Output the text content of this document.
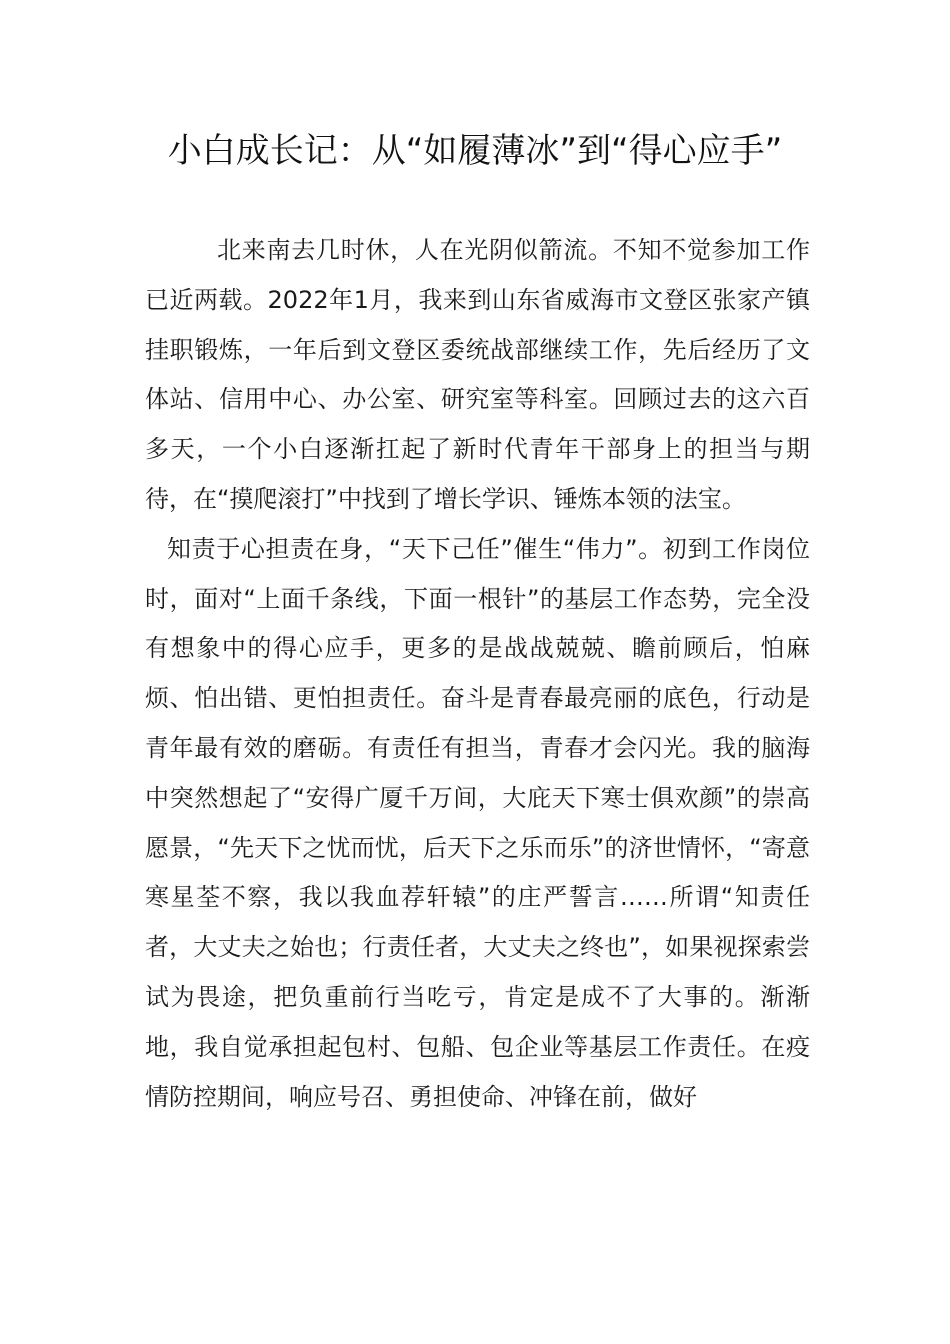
小白成长记：从“如履薄冰”到“得心应手”

北来南去几时休，人在光阴似箭流。不知不觉参加工作已近两载。2022年1月，我来到山东省威海市文登区张家产镇挂职锻炼，一年后到文登区委统战部继续工作，先后经历了文体站、信用中心、办公室、研究室等科室。回顾过去的这六百多天，一个小白逐渐扛起了新时代青年干部身上的担当与期待，在“摸爬滚打”中找到了增长学识、锤炼本领的法宝。

知责于心担责在身，“天下己任”催生“伟力”。初到工作岗位时，面对“上面千条线，下面一根针”的基层工作态势，完全没有想象中的得心应手，更多的是战战兢兢、瞻前顾后，怕麻烦、怕出错、更怕担责任。奋斗是青春最亮丽的底色，行动是青年最有效的磨砺。有责任有担当，青春才会闪光。我的脑海中突然想起了“安得广厦千万间，大庇天下寒士俱欢颜”的崇高愿景，“先天下之忧而忧，后天下之乐而乐”的济世情怀，“寄意寒星荃不察，我以我血荐轩辕”的庄严誓言……所谓“知责任者，大丈夫之始也；行责任者，大丈夫之终也”，如果视探索尝试为畏途，把负重前行当吃亏，肯定是成不了大事的。渐渐地，我自觉承担起包村、包船、包企业等基层工作责任。在疫情防控期间，响应号召、勇担使命、冲锋在前，做好
